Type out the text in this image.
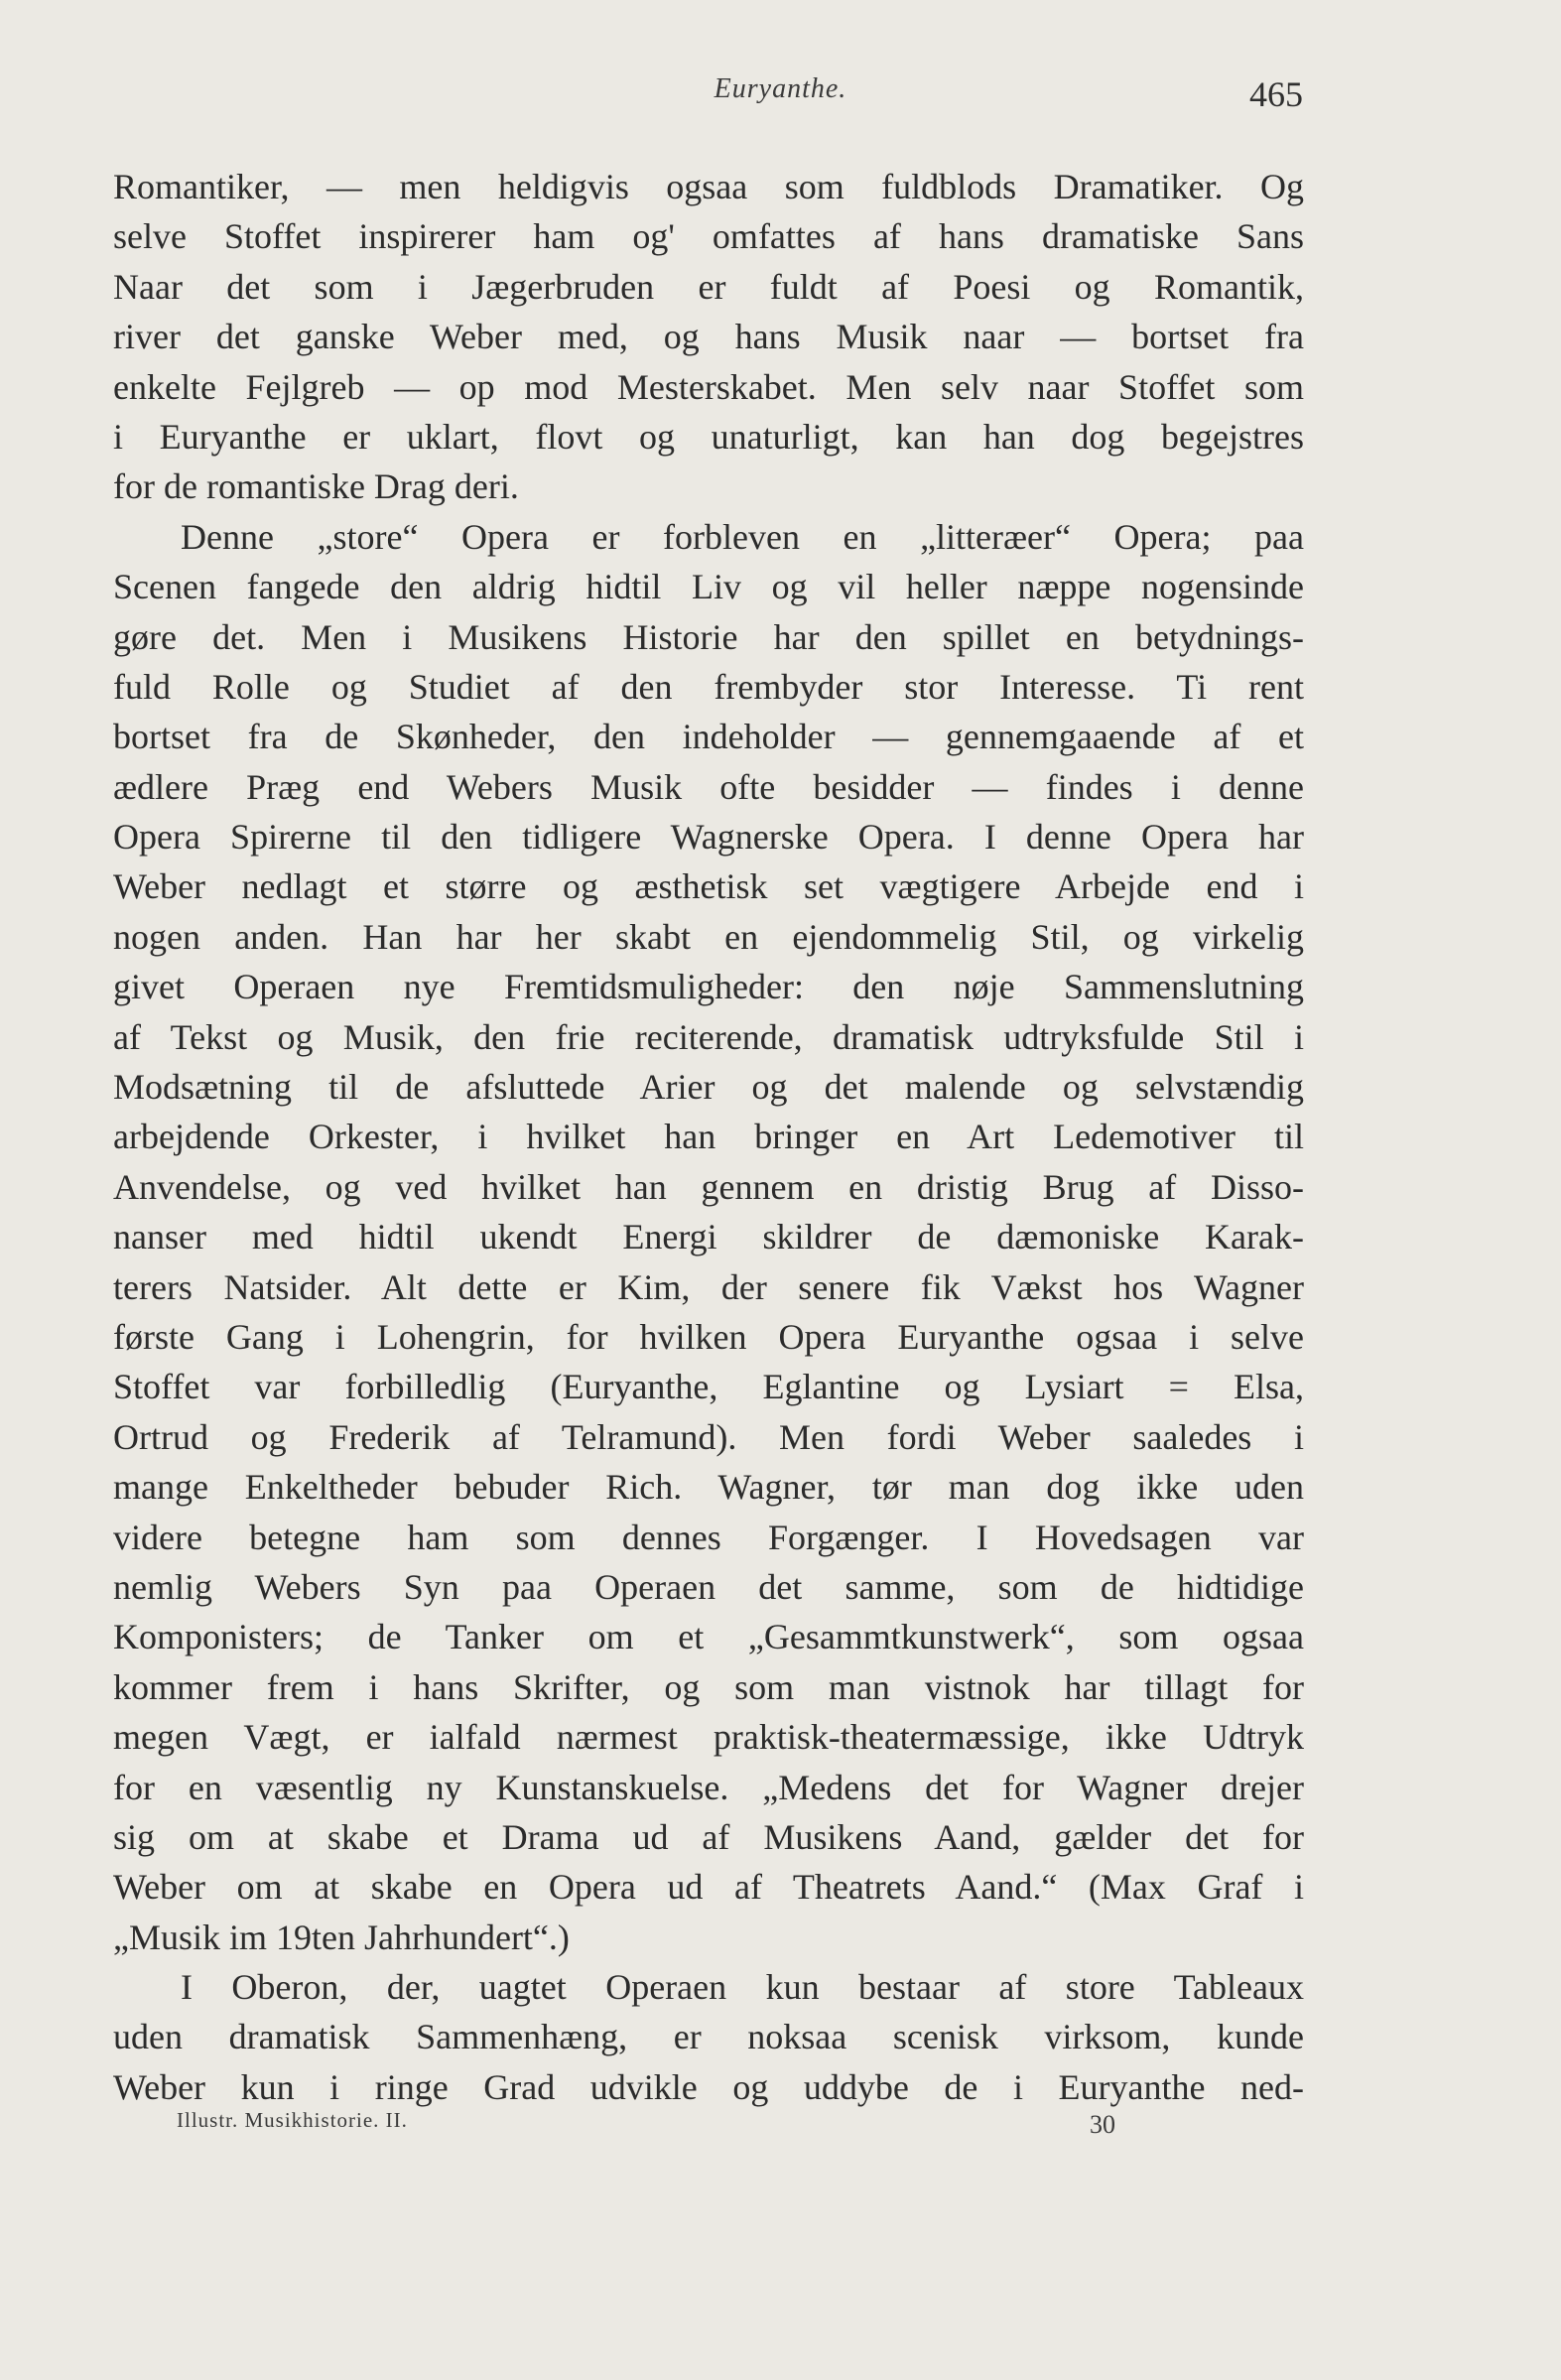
Euryanthe.	465
Romantiker, — men heldigvis ogsaa som fuldblods Dramatiker. Og
selve Stoffet inspirerer ham og' omfattes af hans dramatiske Sans
Naar det som i Jægerbruden er fuldt af Poesi og Romantik,
river det ganske Weber med, og hans Musik naar — bortset fra
enkelte Fejlgreb — op mod Mesterskabet. Men selv naar Stoffet som
i Euryanthe er uklart, flovt og unaturligt, kan han dog begejstres
for de romantiske Drag deri.
Denne „store“ Opera er forbleven en „litteræer“ Opera; paa
Scenen fangede den aldrig hidtil Liv og vil heller næppe nogensinde
gøre det. Men i Musikens Historie har den spillet en betydnings-
fuld Rolle og Studiet af den frembyder stor Interesse. Ti rent
bortset fra de Skønheder, den indeholder — gennemgaaende af et
ædlere Præg end Webers Musik ofte besidder — findes i denne
Opera Spirerne til den tidligere Wagnerske Opera. I denne Opera har
Weber nedlagt et større og æsthetisk set vægtigere Arbejde end i
nogen anden. Han har her skabt en ejendommelig Stil, og virkelig
givet Operaen nye Fremtidsmuligheder: den nøje Sammenslutning
af Tekst og Musik, den frie reciterende, dramatisk udtryksfulde Stil i
Modsætning til de afsluttede Arier og det malende og selvstændig
arbejdende Orkester, i hvilket han bringer en Art Ledemotiver til
Anvendelse, og ved hvilket han gennem en dristig Brug af Disso-
nanser med hidtil ukendt Energi skildrer de dæmoniske Karak-
terers Natsider. Alt dette er Kim, der senere fik Vækst hos Wagner
første Gang i Lohengrin, for hvilken Opera Euryanthe ogsaa i selve
Stoffet var forbilledlig (Euryanthe, Eglantine og Lysiart = Elsa,
Ortrud og Frederik af Telramund). Men fordi Weber saaledes i
mange Enkeltheder bebuder Rich. Wagner, tør man dog ikke uden
videre betegne ham som dennes Forgænger. I Hovedsagen var
nemlig Webers Syn paa Operaen det samme, som de hidtidige
Komponisters; de Tanker om et „Gesammtkunstwerk“, som ogsaa
kommer frem i hans Skrifter, og som man vistnok har tillagt for
megen Vægt, er ialfald nærmest praktisk-theatermæssige, ikke Udtryk
for en væsentlig ny Kunstanskuelse. „Medens det for Wagner drejer
sig om at skabe et Drama ud af Musikens Aand, gælder det for
Weber om at skabe en Opera ud af Theatrets Aand.“ (Max Graf i
„Musik im 19ten Jahrhundert“.)
I Oberon, der, uagtet Operaen kun bestaar af store Tableaux
uden dramatisk Sammenhæng, er noksaa scenisk virksom, kunde
Weber kun i ringe Grad udvikle og uddybe de i Euryanthe ned-
Illustr. Musikhistorie. II.	30
